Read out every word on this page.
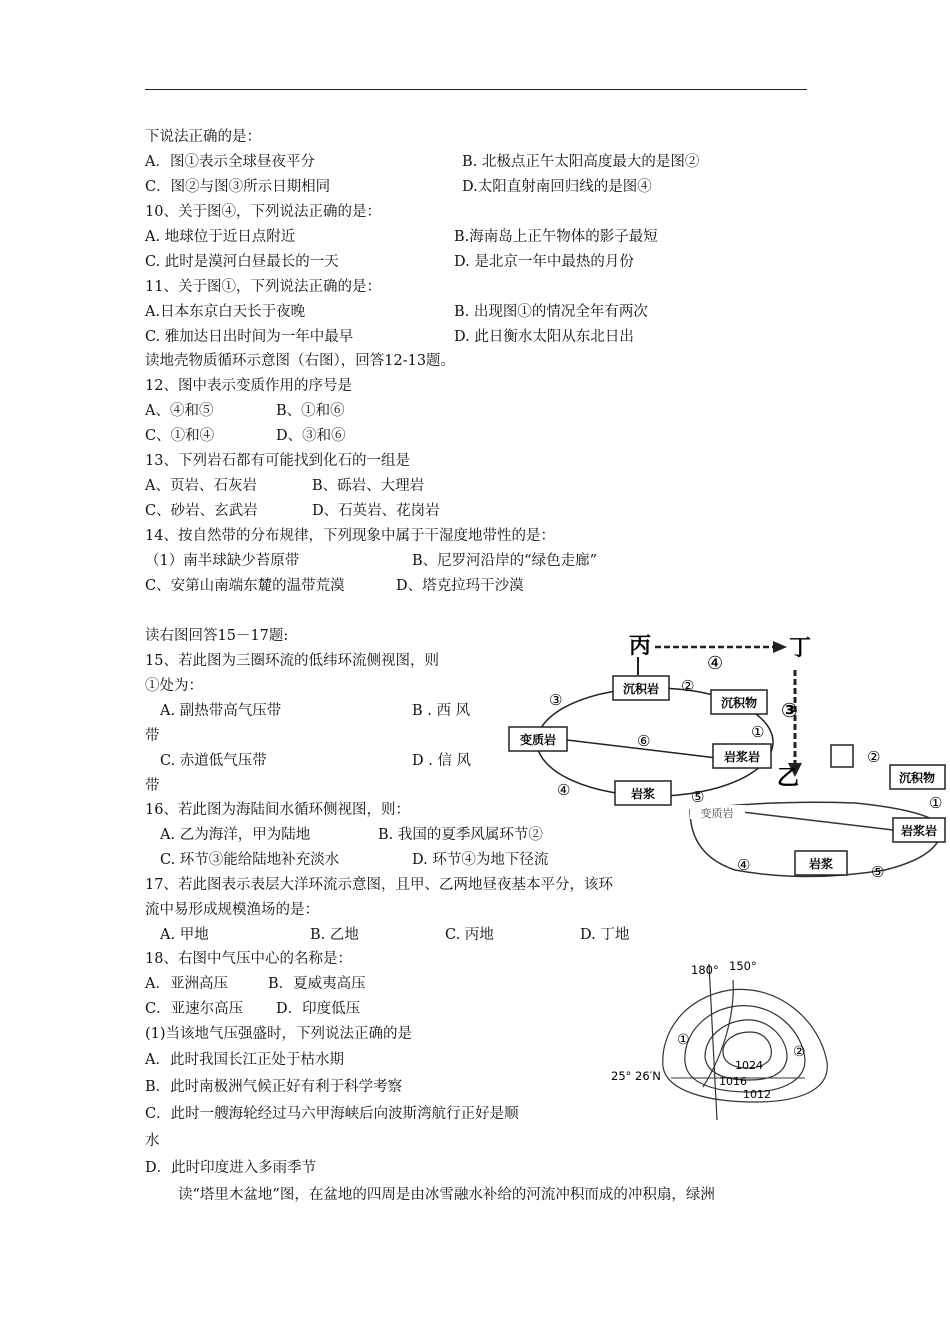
下说法正确的是：
A．图①表示全球昼夜平分	B. 北极点正午太阳高度最大的是图②
C．图②与图③所示日期相同	D.太阳直射南回归线的是图④
10、关于图④，下列说法正确的是：
A. 地球位于近日点附近	B.海南岛上正午物体的影子最短
C. 此时是漠河白昼最长的一天	D. 是北京一年中最热的月份
11、关于图①，下列说法正确的是：
A.日本东京白天长于夜晚	B. 出现图①的情况全年有两次
C. 雅加达日出时间为一年中最早	D. 此日衡水太阳从东北日出
读地壳物质循环示意图（右图），回答12-13题。
12、图中表示变质作用的序号是
A、④和⑤	B、①和⑥
C、①和④	D、③和⑥
13、下列岩石都有可能找到化石的一组是
A、页岩、石灰岩	B、砾岩、大理岩
C、砂岩、玄武岩	D、石英岩、花岗岩
14、按自然带的分布规律，下列现象中属于干湿度地带性的是：
（1）南半球缺少苔原带	B、尼罗河沿岸的“绿色走廊”
C、安第山南端东麓的温带荒漠	D、塔克拉玛干沙漠
读右图回答15－17题:
15、若此图为三圈环流的低纬环流侧视图，则
①处为：
A. 副热带高气压带	B . 西 风
带
C. 赤道低气压带	D . 信 风
带
16、若此图为海陆间水循环侧视图，则：
A. 乙为海洋，甲为陆地	B. 我国的夏季风属环节②
C. 环节③能给陆地补充淡水	D. 环节④为地下径流
17、若此图表示表层大洋环流示意图，且甲、乙两地昼夜基本平分，该环
流中易形成规模渔场的是：
A. 甲地	B. 乙地	C. 丙地	D. 丁地
18、右图中气压中心的名称是：
A．亚洲高压	B．夏威夷高压
C．亚速尔高压 D．印度低压
(1)当该地气压强盛时，下列说法正确的是
A．此时我国长江正处于枯水期
B．此时南极洲气候正好有利于科学考察
C．此时一艘海轮经过马六甲海峡后向波斯湾航行正好是顺
水
D．此时印度进入多雨季节
读“塔里木盆地”图，在盆地的四周是由冰雪融水补给的河流冲积而成的冲积扇，绿洲
沉积物
岩浆岩
岩浆
②
①
④	⑤
变质岩
丙	丁
④
③
乙
沉积岩
沉积物
变质岩
岩浆岩
岩浆
③
②
①
⑥
④	⑤
180° 150°
25° 26′N
1024
1016
1012
①
②
